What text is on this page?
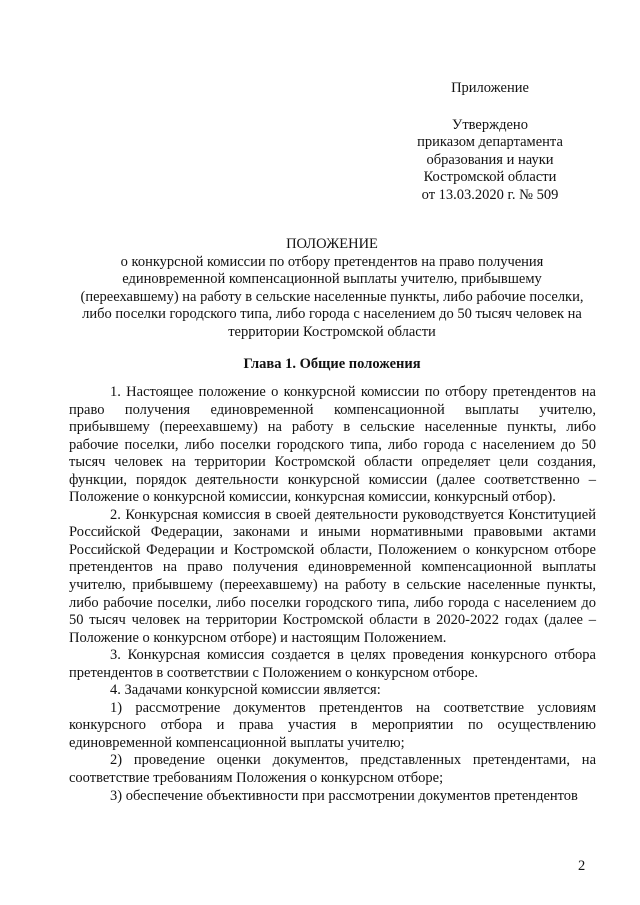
Приложение
Утверждено
приказом департамента
образования и науки
Костромской области
от 13.03.2020 г. № 509
ПОЛОЖЕНИЕ
о конкурсной комиссии по отбору претендентов на право получения
единовременной компенсационной выплаты учителю, прибывшему
(переехавшему) на работу в сельские населенные пункты, либо рабочие поселки,
либо поселки городского типа, либо города с населением до 50 тысяч человек на
территории Костромской области
Глава 1. Общие положения

1. Настоящее положение о конкурсной комиссии по отбору претендентов на право получения единовременной компенсационной выплаты учителю, прибывшему (переехавшему) на работу в сельские населенные пункты, либо рабочие поселки, либо поселки городского типа, либо города с населением до 50 тысяч человек на территории Костромской области определяет цели создания, функции, порядок деятельности конкурсной комиссии (далее соответственно – Положение о конкурсной комиссии, конкурсная комиссии, конкурсный отбор).

2. Конкурсная комиссия в своей деятельности руководствуется Конституцией Российской Федерации, законами и иными нормативными правовыми актами Российской Федерации и Костромской области, Положением о конкурсном отборе претендентов на право получения единовременной компенсационной выплаты учителю, прибывшему (переехавшему) на работу в сельские населенные пункты, либо рабочие поселки, либо поселки городского типа, либо города с населением до 50 тысяч человек на территории Костромской области в 2020-2022 годах (далее – Положение о конкурсном отборе) и настоящим Положением.

3. Конкурсная комиссия создается в целях проведения конкурсного отбора претендентов в соответствии с Положением о конкурсном отборе.

4. Задачами конкурсной комиссии является:

1) рассмотрение документов претендентов на соответствие условиям конкурсного отбора и права участия в мероприятии по осуществлению единовременной компенсационной выплаты учителю;

2) проведение оценки документов, представленных претендентами, на соответствие требованиям Положения о конкурсном отборе;

3) обеспечение объективности при рассмотрении документов претендентов

2
